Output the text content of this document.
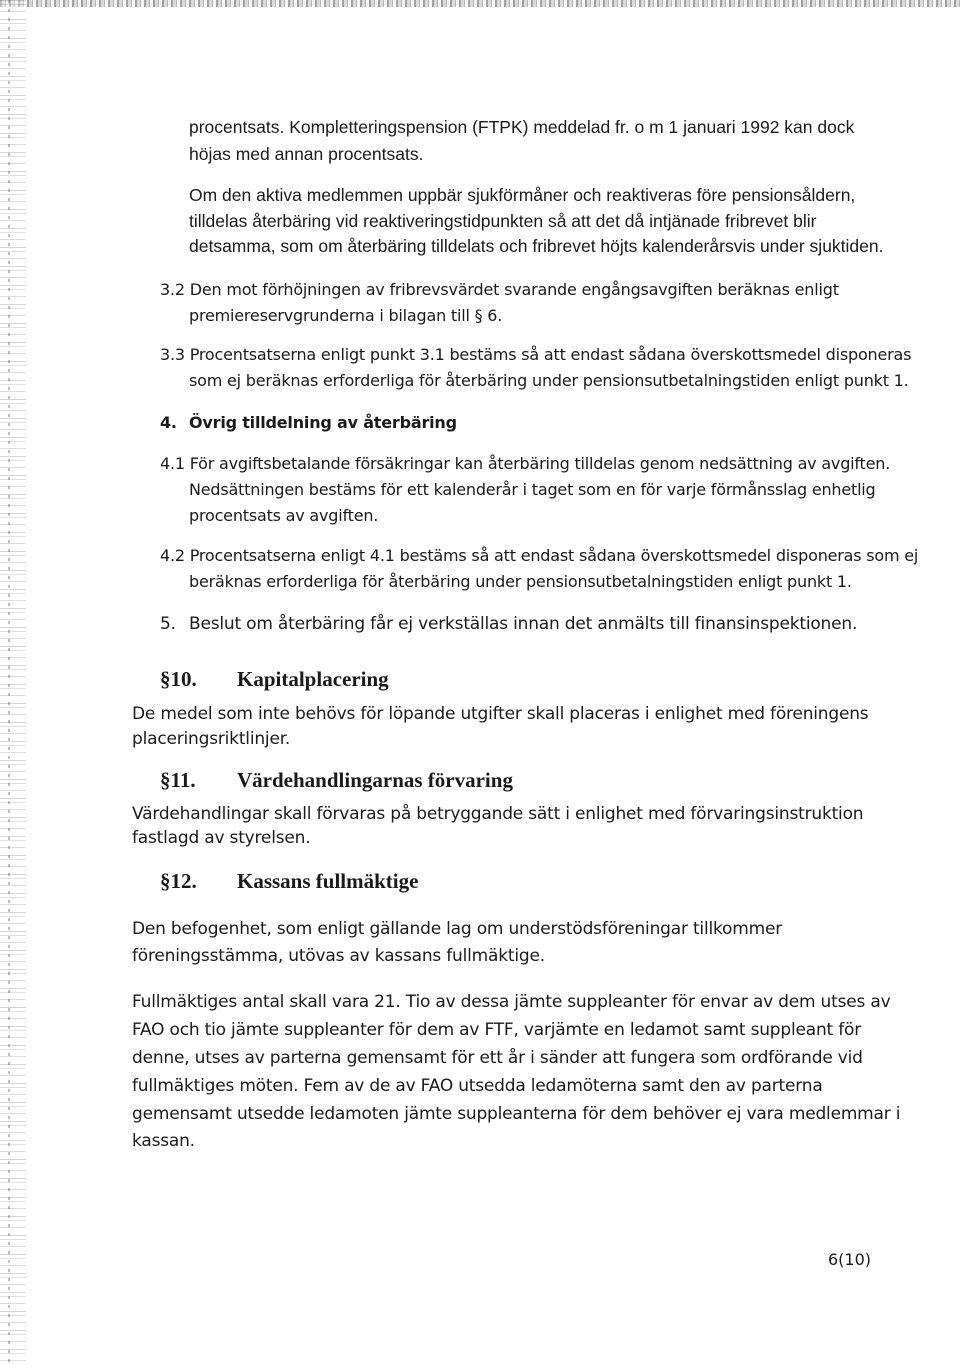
procentsats. Kompletteringspension (FTPK) meddelad fr. o m 1 januari 1992 kan dock
höjas med annan procentsats.
Om den aktiva medlemmen uppbär sjukförmåner och reaktiveras före pensionsåldern,
tilldelas återbäring vid reaktiveringstidpunkten så att det då intjänade fribrevet blir
detsamma, som om återbäring tilldelats och fribrevet höjts kalenderårsvis under sjuktiden.
3.2 Den mot förhöjningen av fribrevsvärdet svarande engångsavgiften beräknas enligt
premiereservgrunderna i bilagan till § 6.
3.3 Procentsatserna enligt punkt 3.1 bestäms så att endast sådana överskottsmedel disponeras
som ej beräknas erforderliga för återbäring under pensionsutbetalningstiden enligt punkt 1.
4. Övrig tilldelning av återbäring
4.1 För avgiftsbetalande försäkringar kan återbäring tilldelas genom nedsättning av avgiften.
Nedsättningen bestäms för ett kalenderår i taget som en för varje förmånsslag enhetlig
procentsats av avgiften.
4.2 Procentsatserna enligt 4.1 bestäms så att endast sådana överskottsmedel disponeras som ej
beräknas erforderliga för återbäring under pensionsutbetalningstiden enligt punkt 1.
5. Beslut om återbäring får ej verkställas innan det anmälts till finansinspektionen.
§10. Kapitalplacering
De medel som inte behövs för löpande utgifter skall placeras i enlighet med föreningens
placeringsriktlinjer.
§11. Värdehandlingarnas förvaring
Värdehandlingar skall förvaras på betryggande sätt i enlighet med förvaringsinstruktion
fastlagd av styrelsen.
§12. Kassans fullmäktige
Den befogenhet, som enligt gällande lag om understödsföreningar tillkommer
föreningsstämma, utövas av kassans fullmäktige.
Fullmäktiges antal skall vara 21. Tio av dessa jämte suppleanter för envar av dem utses av
FAO och tio jämte suppleanter för dem av FTF, varjämte en ledamot samt suppleant för
denne, utses av parterna gemensamt för ett år i sänder att fungera som ordförande vid
fullmäktiges möten. Fem av de av FAO utsedda ledamöterna samt den av parterna
gemensamt utsedde ledamoten jämte suppleanterna för dem behöver ej vara medlemmar i
kassan.
6(10)
